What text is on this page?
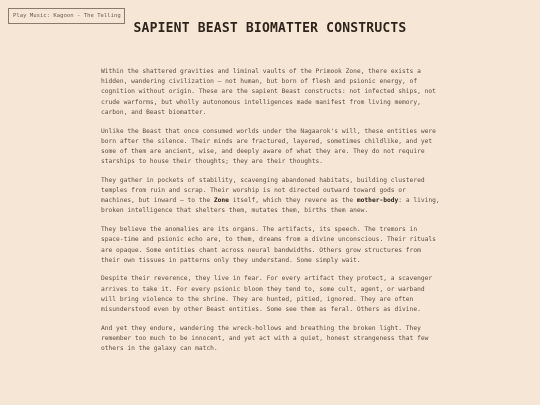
Play Music: Kagoon - The Telling
SAPIENT BEAST BIOMATTER CONSTRUCTS

Within the shattered gravities and liminal vaults of the Primook Zone, there exists a hidden, wandering civilization — not human, but born of flesh and psionic energy, of cognition without origin. These are the sapient Beast constructs: not infected ships, not crude warforms, but wholly autonomous intelligences made manifest from living memory, carbon, and Beast biomatter.

Unlike the Beast that once consumed worlds under the Nagaarok's will, these entities were born after the silence. Their minds are fractured, layered, sometimes childlike, and yet some of them are ancient, wise, and deeply aware of what they are. They do not require starships to house their thoughts; they are their thoughts.

They gather in pockets of stability, scavenging abandoned habitats, building clustered temples from ruin and scrap. Their worship is not directed outward toward gods or machines, but inward — to the Zone itself, which they revere as the mother-body: a living, broken intelligence that shelters them, mutates them, births them anew.

They believe the anomalies are its organs. The artifacts, its speech. The tremors in space-time and psionic echo are, to them, dreams from a divine unconscious. Their rituals are opaque. Some entities chant across neural bandwidths. Others grow structures from their own tissues in patterns only they understand. Some simply wait.

Despite their reverence, they live in fear. For every artifact they protect, a scavenger arrives to take it. For every psionic bloom they tend to, some cult, agent, or warband will bring violence to the shrine. They are hunted, pitied, ignored. They are often misunderstood even by other Beast entities. Some see them as feral. Others as divine.

And yet they endure, wandering the wreck-hollows and breathing the broken light. They remember too much to be innocent, and yet act with a quiet, honest strangeness that few others in the galaxy can match.
